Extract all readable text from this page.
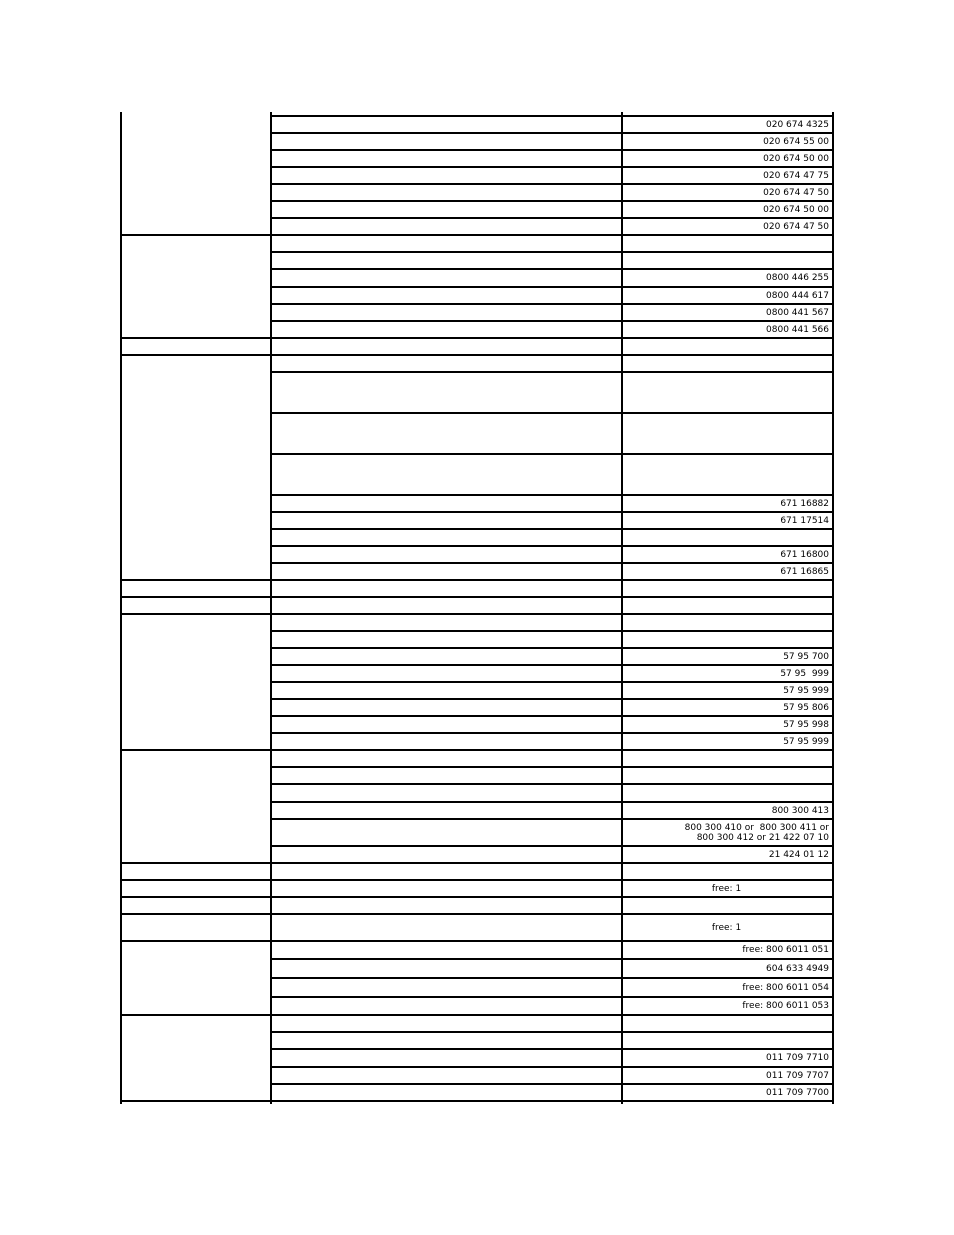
020 674 4325
020 674 55 00
020 674 50 00
020 674 47 75
020 674 47 50
020 674 50 00
020 674 47 50
0800 446 255
0800 444 617
0800 441 567
0800 441 566
671 16882
671 17514
671 16800
671 16865
57 95 700
57 95  999
57 95 999
57 95 806
57 95 998
57 95 999
800 300 413
800 300 410 or  800 300 411 or
800 300 412 or 21 422 07 10
21 424 01 12
free: 1
free: 1
free: 800 6011 051
604 633 4949
free: 800 6011 054
free: 800 6011 053
011 709 7710
011 709 7707
011 709 7700
